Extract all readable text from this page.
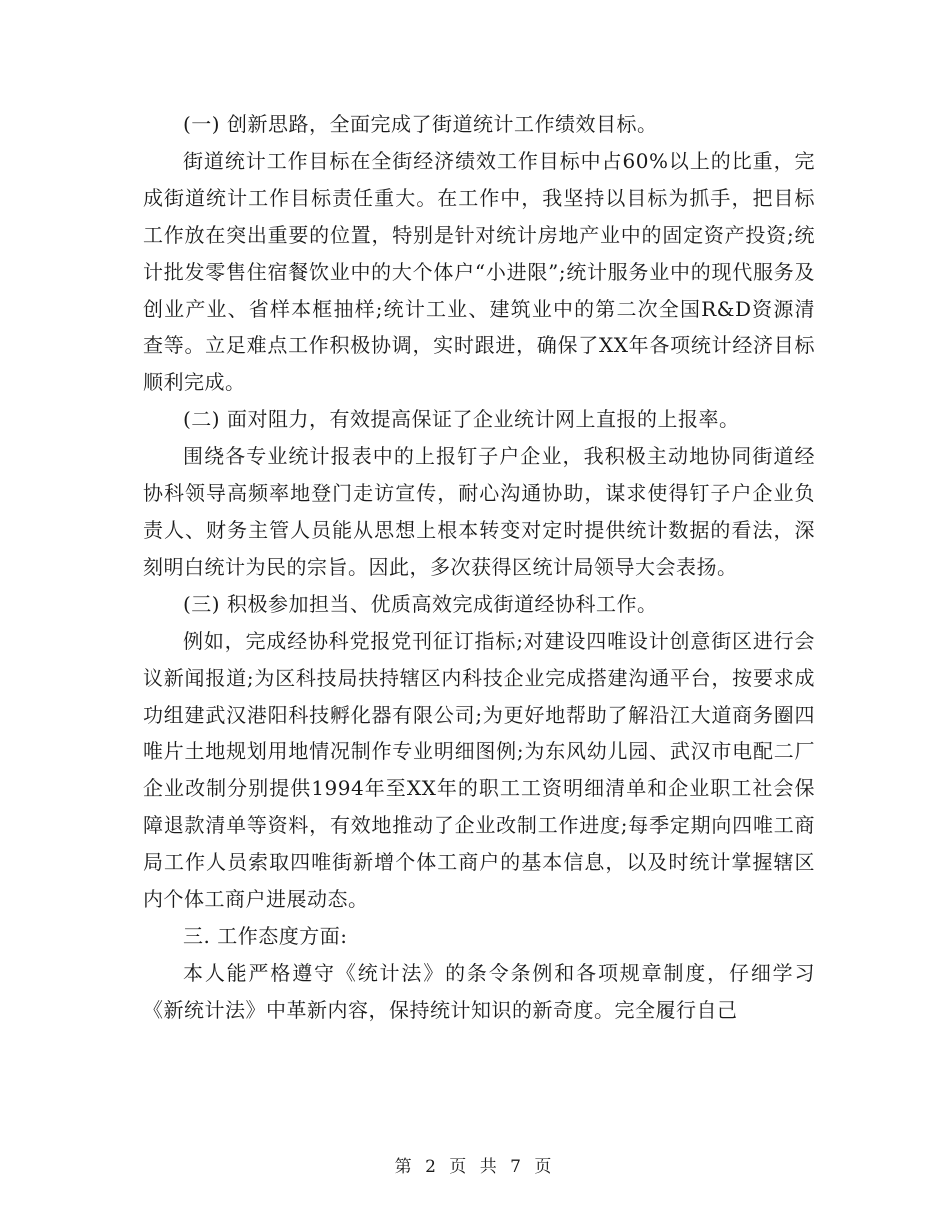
(一) 创新思路，全面完成了街道统计工作绩效目标。

街道统计工作目标在全街经济绩效工作目标中占60%以上的比重，完成街道统计工作目标责任重大。在工作中，我坚持以目标为抓手，把目标工作放在突出重要的位置，特别是针对统计房地产业中的固定资产投资;统计批发零售住宿餐饮业中的大个体户“小进限”;统计服务业中的现代服务及创业产业、省样本框抽样;统计工业、建筑业中的第二次全国R&D资源清查等。立足难点工作积极协调，实时跟进，确保了XX年各项统计经济目标顺利完成。

(二) 面对阻力，有效提高保证了企业统计网上直报的上报率。

围绕各专业统计报表中的上报钉子户企业，我积极主动地协同街道经协科领导高频率地登门走访宣传，耐心沟通协助，谋求使得钉子户企业负责人、财务主管人员能从思想上根本转变对定时提供统计数据的看法，深刻明白统计为民的宗旨。因此，多次获得区统计局领导大会表扬。

(三) 积极参加担当、优质高效完成街道经协科工作。

例如，完成经协科党报党刊征订指标;对建设四唯设计创意街区进行会议新闻报道;为区科技局扶持辖区内科技企业完成搭建沟通平台，按要求成功组建武汉港阳科技孵化器有限公司;为更好地帮助了解沿江大道商务圈四唯片土地规划用地情况制作专业明细图例;为东风幼儿园、武汉市电配二厂企业改制分别提供1994年至XX年的职工工资明细清单和企业职工社会保障退款清单等资料，有效地推动了企业改制工作进度;每季定期向四唯工商局工作人员索取四唯街新增个体工商户的基本信息，以及时统计掌握辖区内个体工商户进展动态。

三. 工作态度方面:

本人能严格遵守《统计法》的条令条例和各项规章制度，仔细学习《新统计法》中革新内容，保持统计知识的新奇度。完全履行自己

第 2 页 共 7 页
